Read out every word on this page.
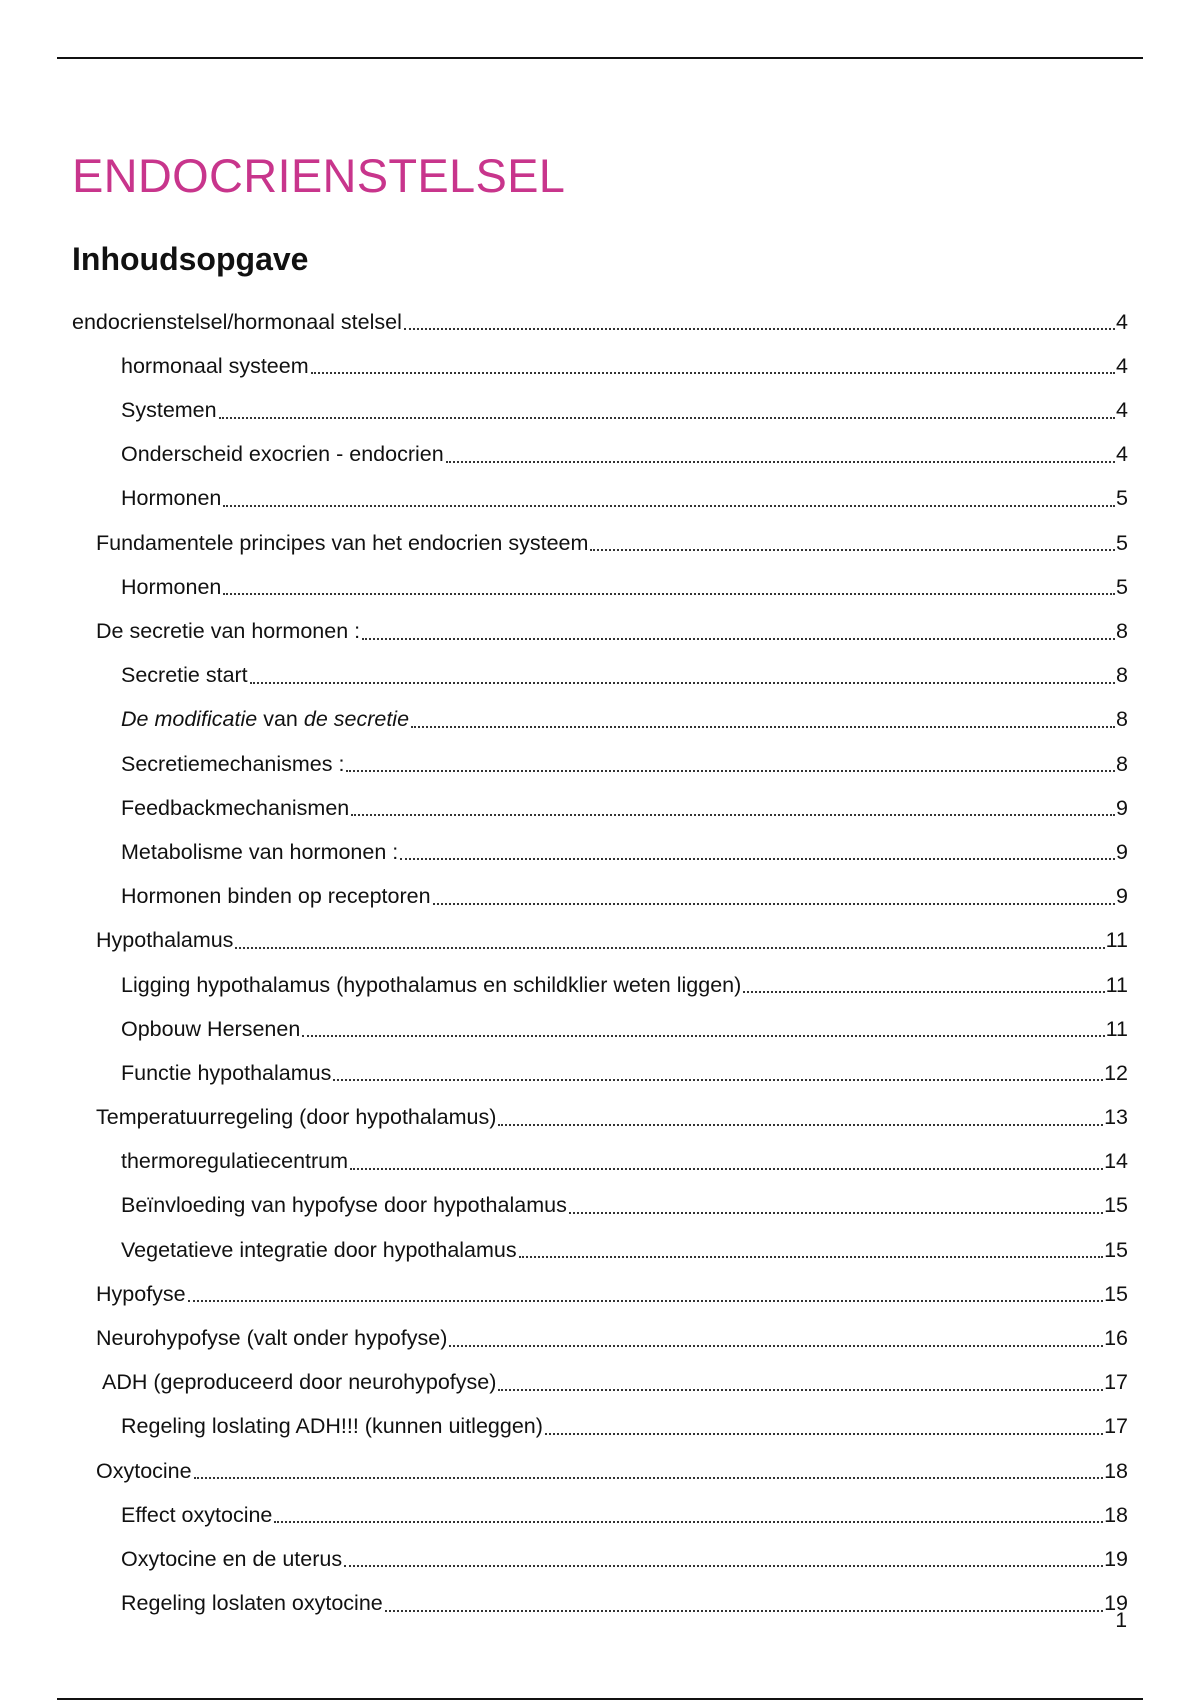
ENDOCRIENSTELSEL
Inhoudsopgave
endocrienstelsel/hormonaal stelsel	4
hormonaal systeem	4
Systemen	4
Onderscheid exocrien - endocrien	4
Hormonen	5
Fundamentele principes van het endocrien systeem	5
Hormonen	5
De secretie van hormonen :	8
Secretie start	8
De modificatie van de secretie	8
Secretiemechanismes :	8
Feedbackmechanismen	9
Metabolisme van hormonen :	9
Hormonen binden op receptoren	9
Hypothalamus	11
Ligging hypothalamus (hypothalamus en schildklier weten liggen)	11
Opbouw Hersenen	11
Functie hypothalamus	12
Temperatuurregeling (door hypothalamus)	13
thermoregulatiecentrum	14
Beïnvloeding van hypofyse door hypothalamus	15
Vegetatieve integratie door hypothalamus	15
Hypofyse	15
Neurohypofyse (valt onder hypofyse)	16
ADH (geproduceerd door neurohypofyse)	17
Regeling loslating ADH!!! (kunnen uitleggen)	17
Oxytocine	18
Effect oxytocine	18
Oxytocine en de uterus	19
Regeling loslaten oxytocine	19
1
